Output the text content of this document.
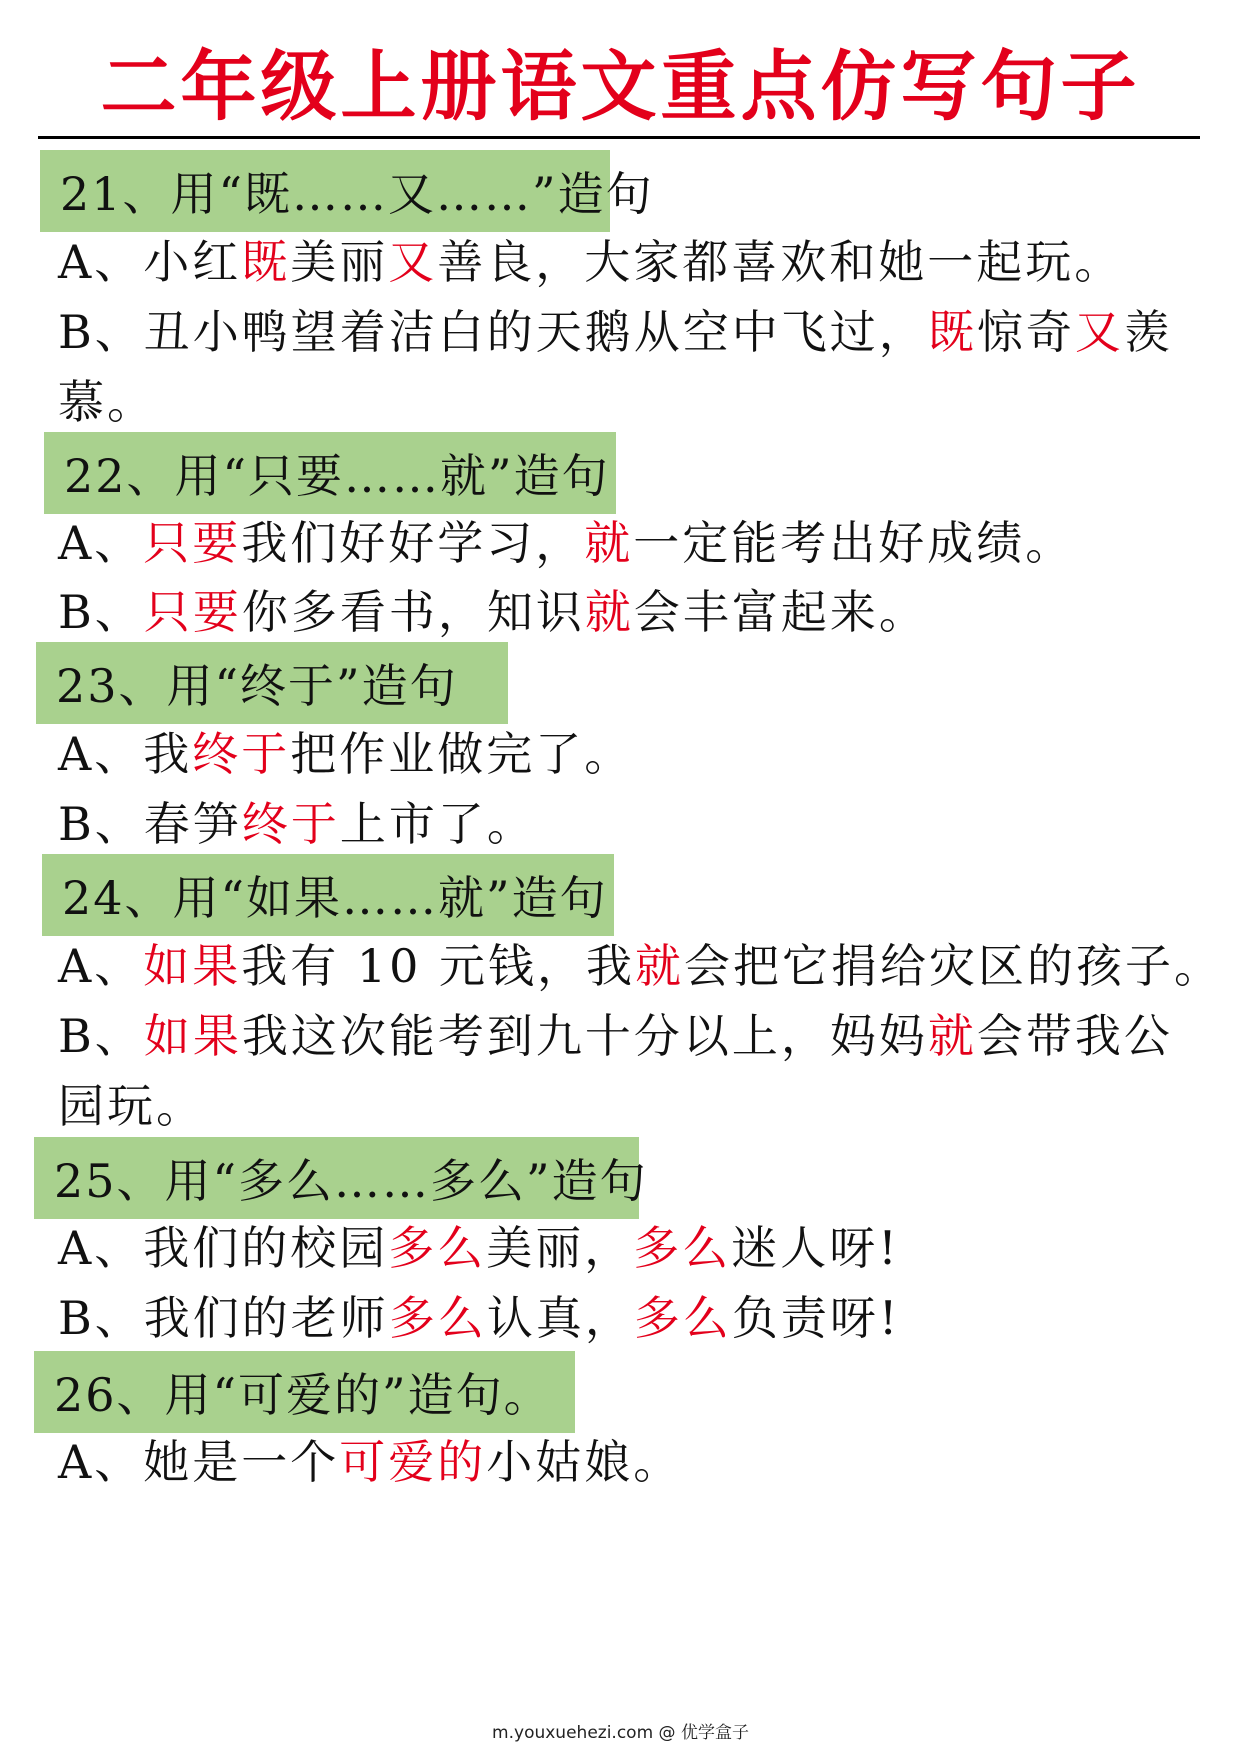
二年级上册语文重点仿写句子
21、用“既……又……”造句
A、小红既美丽又善良，大家都喜欢和她一起玩。
B、丑小鸭望着洁白的天鹅从空中飞过，既惊奇又羡
慕。
22、用“只要……就”造句
A、只要我们好好学习，就一定能考出好成绩。
B、只要你多看书，知识就会丰富起来。
23、用“终于”造句
A、我终于把作业做完了。
B、春笋终于上市了。
24、用“如果……就”造句
A、如果我有 10 元钱，我就会把它捐给灾区的孩子。
B、如果我这次能考到九十分以上，妈妈就会带我公
园玩。
25、用“多么……多么”造句
A、我们的校园多么美丽，多么迷人呀!
B、我们的老师多么认真，多么负责呀!
26、用“可爱的”造句。
A、她是一个可爱的小姑娘。
m.youxuehezi.com @ 优学盒子
